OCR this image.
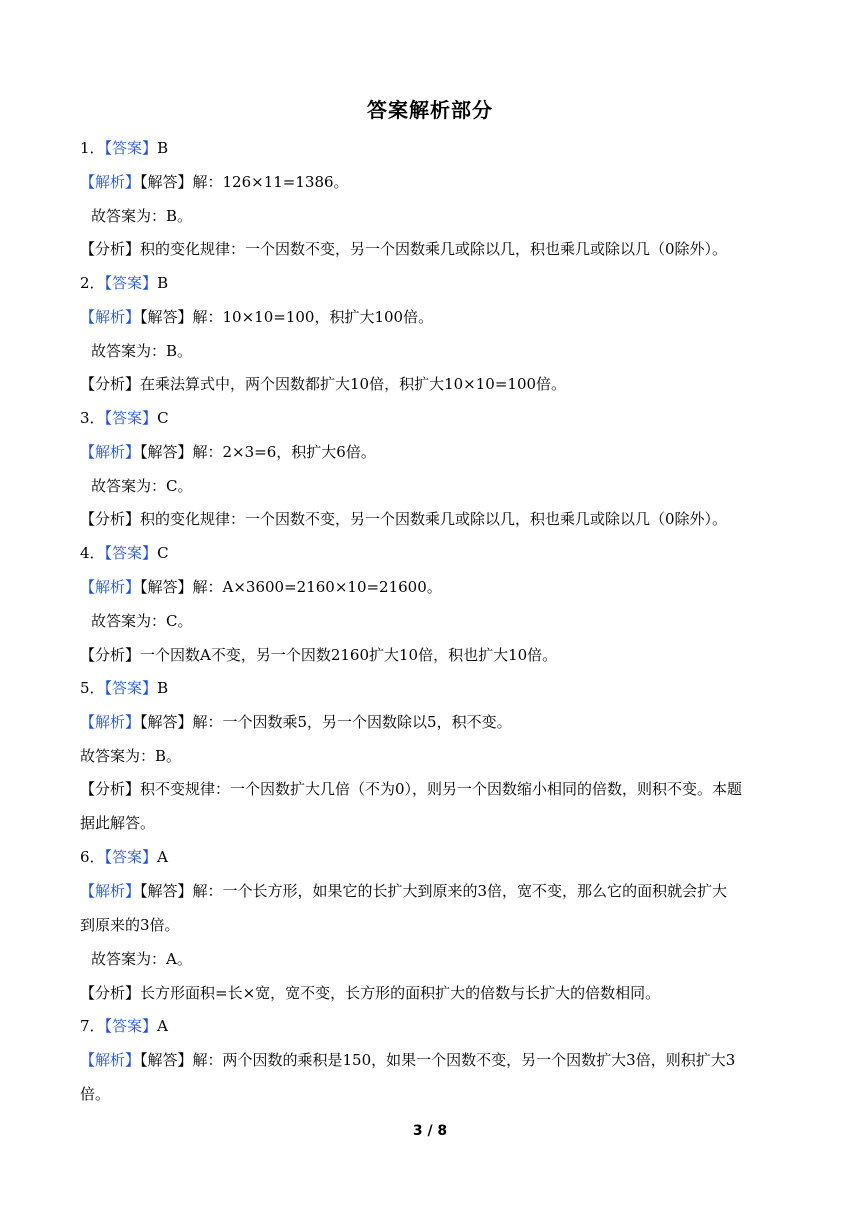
答案解析部分
1．【答案】B
【解析】【解答】解：126×11=1386。
故答案为：B。
【分析】积的变化规律：一个因数不变，另一个因数乘几或除以几，积也乘几或除以几（0除外）。
2．【答案】B
【解析】【解答】解：10×10=100，积扩大100倍。
故答案为：B。
【分析】在乘法算式中，两个因数都扩大10倍，积扩大10×10=100倍。
3．【答案】C
【解析】【解答】解：2×3=6，积扩大6倍。
故答案为：C。
【分析】积的变化规律：一个因数不变，另一个因数乘几或除以几，积也乘几或除以几（0除外）。
4．【答案】C
【解析】【解答】解：A×3600=2160×10=21600。
故答案为：C。
【分析】一个因数A不变，另一个因数2160扩大10倍，积也扩大10倍。
5．【答案】B
【解析】【解答】解：一个因数乘5，另一个因数除以5，积不变。
故答案为：B。
【分析】积不变规律：一个因数扩大几倍（不为0），则另一个因数缩小相同的倍数，则积不变。本题
据此解答。
6．【答案】A
【解析】【解答】解：一个长方形，如果它的长扩大到原来的3倍，宽不变，那么它的面积就会扩大
到原来的3倍。
故答案为：A。
【分析】长方形面积=长×宽，宽不变，长方形的面积扩大的倍数与长扩大的倍数相同。
7．【答案】A
【解析】【解答】解：两个因数的乘积是150，如果一个因数不变，另一个因数扩大3倍，则积扩大3
倍。
3 / 8
